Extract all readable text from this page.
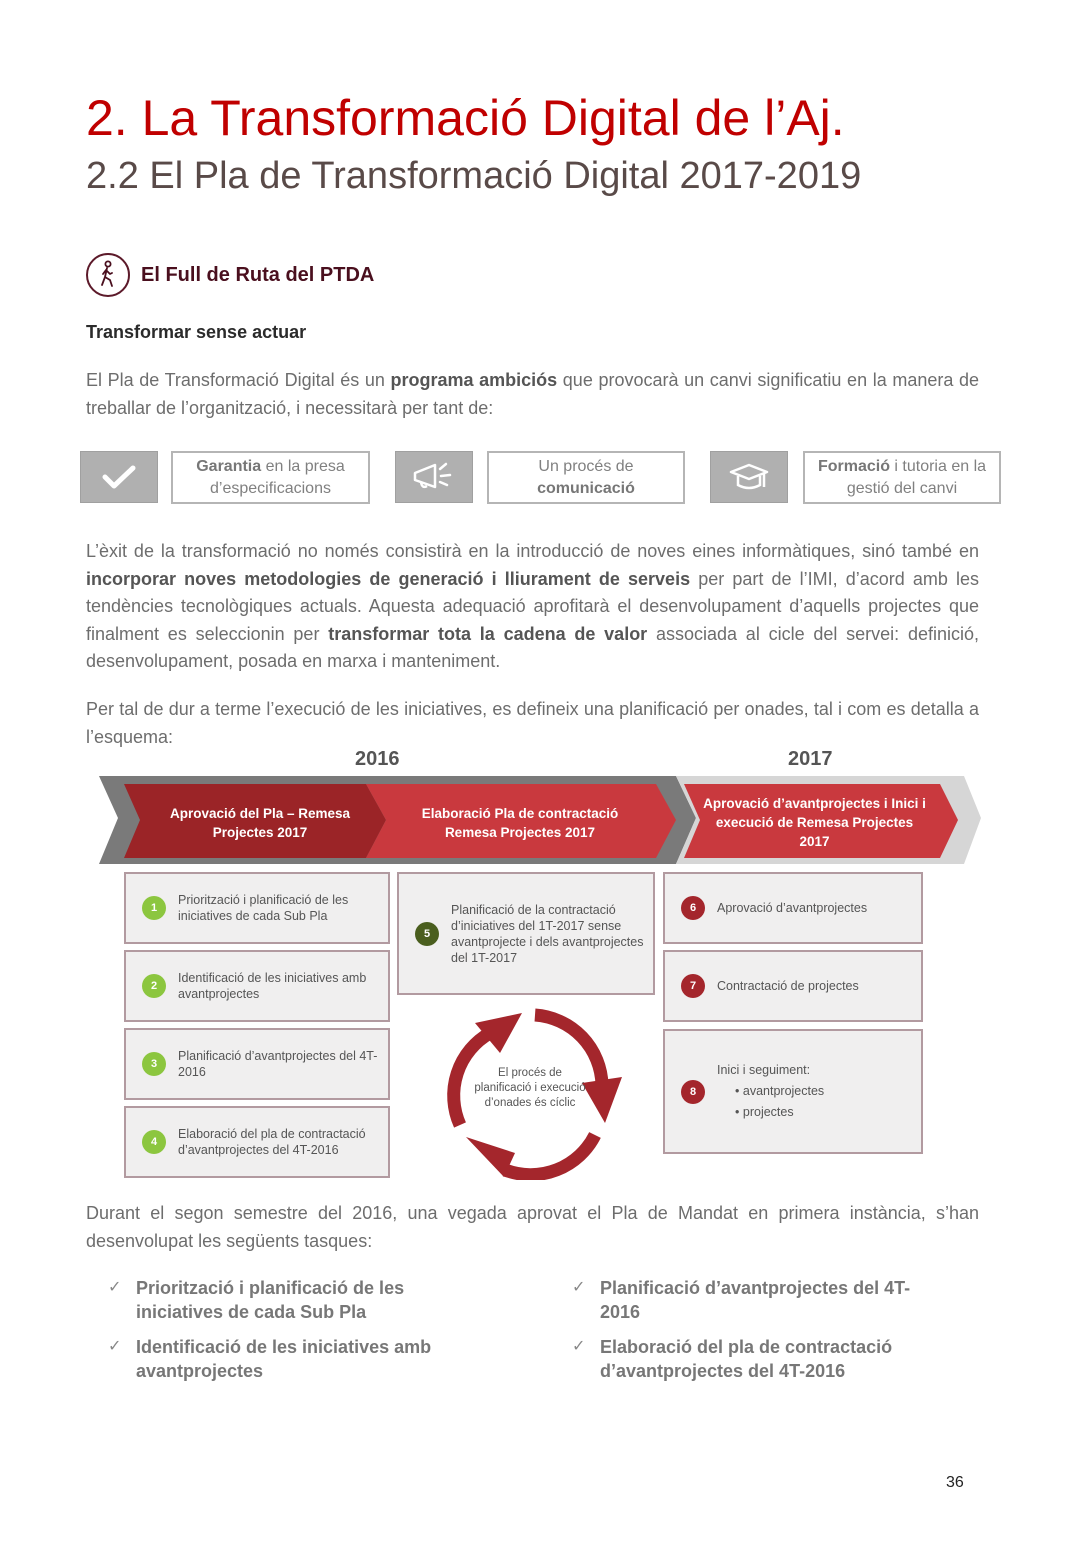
2. La Transformació Digital de l’Aj.
2.2 El Pla de Transformació Digital 2017-2019
El Full de Ruta del PTDA
Transformar sense actuar
El Pla de Transformació Digital és un programa ambiciós que provocarà un canvi significatiu en la manera de treballar de l’organització, i necessitarà per tant de:
Garantia en la presa
d’especificacions
Un procés de
comunicació
Formació i tutoria en la
gestió del canvi
L’èxit de la transformació no només consistirà en la introducció de noves eines informàtiques, sinó també en incorporar noves metodologies de generació i lliurament de serveis per part de l’IMI, d’acord amb les tendències tecnològiques actuals. Aquesta adequació aprofitarà el desenvolupament d’aquells projectes que finalment es seleccionin per transformar tota la cadena de valor associada al cicle del servei: definició, desenvolupament, posada en marxa i manteniment.
Per tal de dur a terme l’execució de les iniciatives, es defineix una planificació per onades, tal i com es detalla a l’esquema:
2016	2017
Aprovació del Pla – Remesa
Projectes 2017
Elaboració Pla de contractació
Remesa Projectes 2017
Aprovació d’avantprojectes i Inici i
execució de Remesa Projectes
2017
1
Priorització i planificació de les iniciatives de cada Sub Pla
2
Identificació de les iniciatives amb avantprojectes
3
Planificació d’avantprojectes del 4T-2016
4
Elaboració del pla de contractació d’avantprojectes del 4T-2016
5
Planificació de la contractació d’iniciatives del 1T-2017 sense avantprojecte i dels avantprojectes del 1T-2017
El procés de
planificació i execució
d’onades és cíclic
6	Aprovació d’avantprojectes
7	Contractació de projectes
8
Inici i seguiment:
• avantprojectes
• projectes
Durant el segon semestre del 2016, una vegada aprovat el Pla de Mandat en primera instància, s’han desenvolupat les següents tasques:
✓ Priorització i planificació de les
iniciatives de cada Sub Pla
✓ Planificació d’avantprojectes del 4T-
2016
✓ Identificació de les iniciatives amb
avantprojectes
✓ Elaboració del pla de contractació
d’avantprojectes del 4T-2016
36
